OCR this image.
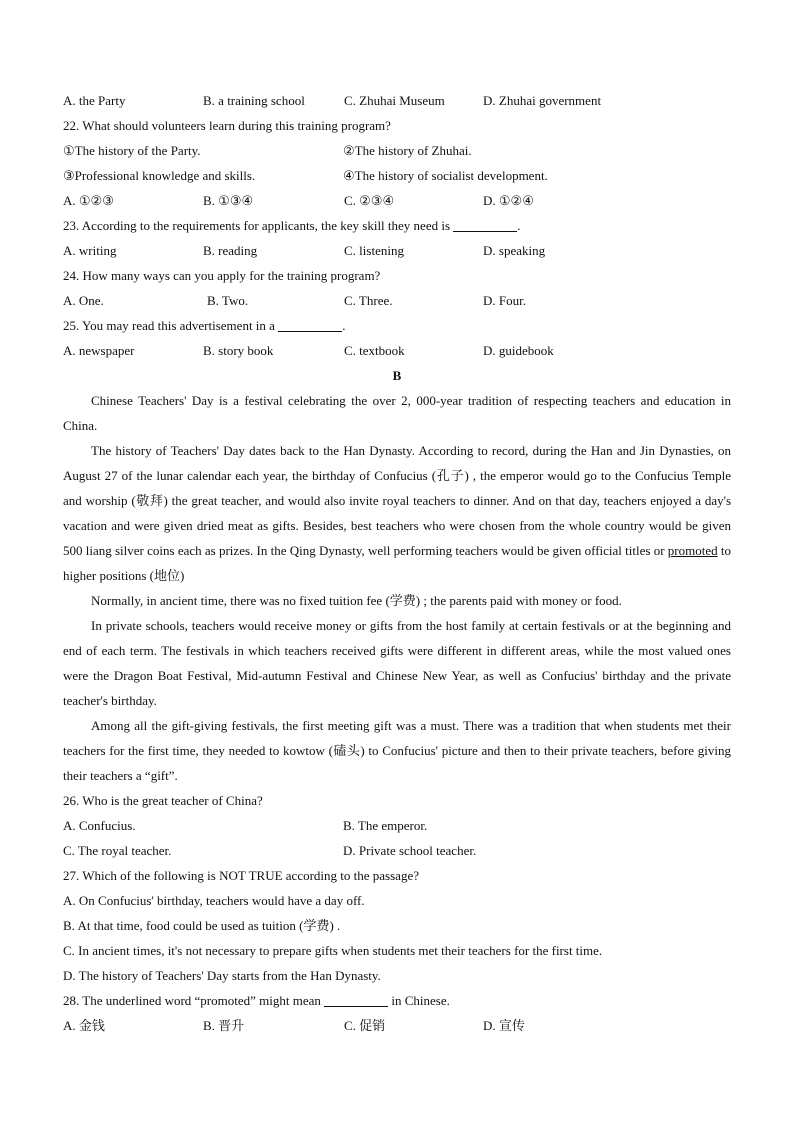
A. the Party	B. a training school	C. Zhuhai Museum	D. Zhuhai government
22. What should volunteers learn during this training program?
①The history of the Party.	②The history of Zhuhai.
③Professional knowledge and skills.	④The history of socialist development.
A. ①②③	B. ①③④	C. ②③④	D. ①②④
23. According to the requirements for applicants, the key skill they need is	.
A. writing	B. reading	C. listening	D. speaking
24. How many ways can you apply for the training program?
A. One.	B. Two.	C. Three.	D. Four.
25. You may read this advertisement in a	.
A. newspaper	B. story book	C. textbook	D. guidebook
B

Chinese Teachers' Day is a festival celebrating the over 2, 000-year tradition of respecting teachers and education in China.

The history of Teachers' Day dates back to the Han Dynasty. According to record, during the Han and Jin Dynasties, on August 27 of the lunar calendar each year, the birthday of Confucius (孔子) , the emperor would go to the Confucius Temple and worship (敬拜) the great teacher, and would also invite royal teachers to dinner. And on that day, teachers enjoyed a day's vacation and were given dried meat as gifts. Besides, best teachers who were chosen from the whole country would be given 500 liang silver coins each as prizes. In the Qing Dynasty, well performing teachers would be given official titles or promoted to higher positions (地位)

Normally, in ancient time, there was no fixed tuition fee (学费) ; the parents paid with money or food.

In private schools, teachers would receive money or gifts from the host family at certain festivals or at the beginning and end of each term. The festivals in which teachers received gifts were different in different areas, while the most valued ones were the Dragon Boat Festival, Mid-autumn Festival and Chinese New Year, as well as Confucius' birthday and the private teacher's birthday.

Among all the gift-giving festivals, the first meeting gift was a must. There was a tradition that when students met their teachers for the first time, they needed to kowtow (磕头) to Confucius' picture and then to their private teachers, before giving their teachers a “gift”.

26. Who is the great teacher of China?
A. Confucius.	B. The emperor.
C. The royal teacher.	D. Private school teacher.
27. Which of the following is NOT TRUE according to the passage?
A. On Confucius' birthday, teachers would have a day off.
B. At that time, food could be used as tuition (学费) .
C. In ancient times, it's not necessary to prepare gifts when students met their teachers for the first time.
D. The history of Teachers' Day starts from the Han Dynasty.
28. The underlined word “promoted” might mean	in Chinese.
A. 金钱	B. 晋升	C. 促销	D. 宣传
